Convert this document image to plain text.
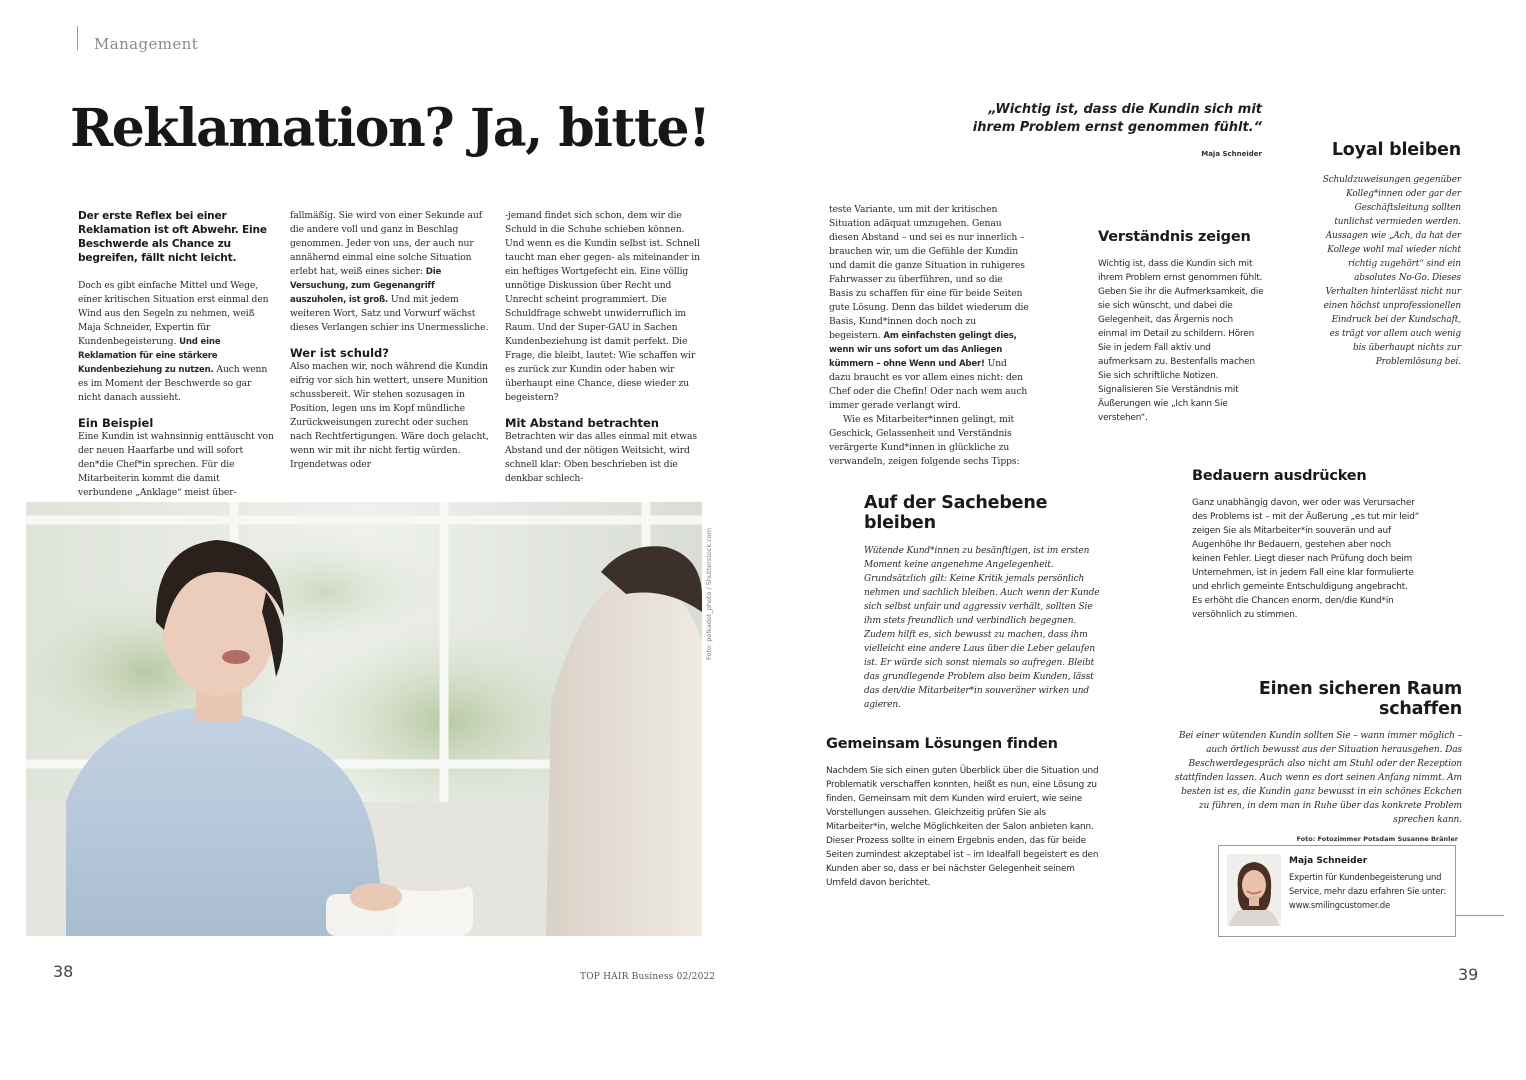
Management
Reklamation? Ja, bitte!

Der erste Reflex bei einer Reklamation ist oft Abwehr. Eine Beschwerde als Chance zu begreifen, fällt nicht leicht.

Doch es gibt einfache Mittel und Wege, einer kritischen Situation erst einmal den Wind aus den Segeln zu nehmen, weiß Maja Schneider, Expertin für Kundenbegeisterung. Und eine Reklamation für eine stärkere Kundenbeziehung zu nutzen. Auch wenn es im Moment der Beschwerde so gar nicht danach aussieht.

Ein Beispiel

Eine Kundin ist wahnsinnig enttäuscht von der neuen Haarfarbe und will sofort den*die Chef*in sprechen. Für die Mitarbeiterin kommt die damit verbundene „Anklage“ meist über-

fallmäßig. Sie wird von einer Sekunde auf die andere voll und ganz in Beschlag genommen. Jeder von uns, der auch nur annähernd einmal eine solche Situation erlebt hat, weiß eines sicher: Die Versuchung, zum Gegenangriff auszuholen, ist groß. Und mit jedem weiteren Wort, Satz und Vorwurf wächst dieses Verlangen schier ins Unermessliche.

Wer ist schuld?

Also machen wir, noch während die Kundin eifrig vor sich hin wettert, unsere Munition schussbereit. Wir stehen sozusagen in Position, legen uns im Kopf mündliche Zurückweisungen zurecht oder suchen nach Rechtfertigungen. Wäre doch gelacht, wenn wir mit ihr nicht fertig würden. Irgendetwas oder

-jemand findet sich schon, dem wir die Schuld in die Schuhe schieben können. Und wenn es die Kundin selbst ist. Schnell taucht man eher gegen- als miteinander in ein heftiges Wortgefecht ein. Eine völlig unnötige Diskussion über Recht und Unrecht scheint programmiert. Die Schuldfrage schwebt unwiderruflich im Raum. Und der Super-GAU in Sachen Kundenbeziehung ist damit perfekt. Die Frage, die bleibt, lautet: Wie schaffen wir es zurück zur Kundin oder haben wir überhaupt eine Chance, diese wieder zu begeistern?

Mit Abstand betrachten

Betrachten wir das alles einmal mit etwas Abstand und der nötigen Weitsicht, wird schnell klar: Oben beschrieben ist die denkbar schlech-

Foto: polkadot_photo / Shutterstock.com

teste Variante, um mit der kritischen Situation adäquat umzugehen. Genau diesen Abstand – und sei es nur innerlich – brauchen wir, um die Gefühle der Kundin und damit die ganze Situation in ruhigeres Fahrwasser zu überführen, und so die Basis zu schaffen für eine für beide Seiten gute Lösung. Denn das bildet wiederum die Basis, Kund*innen doch noch zu begeistern. Am einfachsten gelingt dies, wenn wir uns sofort um das Anliegen kümmern – ohne Wenn und Aber! Und dazu braucht es vor allem eines nicht: den Chef oder die Chefin! Oder nach wem auch immer gerade verlangt wird.

Wie es Mitarbeiter*innen gelingt, mit Geschick, Gelassenheit und Verständnis verärgerte Kund*innen in glückliche zu verwandeln, zeigen folgende sechs Tipps:

„Wichtig ist, dass die Kundin sich mit ihrem Problem ernst genommen fühlt.“
Maja Schneider
Verständnis zeigen

Wichtig ist, dass die Kundin sich mit ihrem Problem ernst genommen fühlt. Geben Sie ihr die Aufmerksamkeit, die sie sich wünscht, und dabei die Gelegenheit, das Ärgernis noch einmal im Detail zu schildern. Hören Sie in jedem Fall aktiv und aufmerksam zu. Bestenfalls machen Sie sich schriftliche Notizen. Signalisieren Sie Verständnis mit Äußerungen wie „Ich kann Sie verstehen“.

Loyal bleiben

Schuldzuweisungen gegenüber Kolleg*innen oder gar der Geschäftsleitung sollten tunlichst vermieden werden. Aussagen wie „Ach, da hat der Kollege wohl mal wieder nicht richtig zugehört“ sind ein absolutes No-Go. Dieses Verhalten hinterlässt nicht nur einen höchst unprofessionellen Eindruck bei der Kundschaft, es trägt vor allem auch wenig bis überhaupt nichts zur Problemlösung bei.

Auf der Sachebene bleiben

Wütende Kund*innen zu besänftigen, ist im ersten Moment keine angenehme Angelegenheit. Grundsätzlich gilt: Keine Kritik jemals persönlich nehmen und sachlich bleiben. Auch wenn der Kunde sich selbst unfair und aggressiv verhält, sollten Sie ihm stets freundlich und verbindlich begegnen. Zudem hilft es, sich bewusst zu machen, dass ihm vielleicht eine andere Laus über die Leber gelaufen ist. Er würde sich sonst niemals so aufregen. Bleibt das grundlegende Problem also beim Kunden, lässt das den/die Mitarbeiter*in souveräner wirken und agieren.

Bedauern ausdrücken

Ganz unabhängig davon, wer oder was Verursacher des Problems ist – mit der Äußerung „es tut mir leid“ zeigen Sie als Mitarbeiter*in souverän und auf Augenhöhe Ihr Bedauern, gestehen aber noch keinen Fehler. Liegt dieser nach Prüfung doch beim Unternehmen, ist in jedem Fall eine klar formulierte und ehrlich gemeinte Entschuldigung angebracht. Es erhöht die Chancen enorm, den/die Kund*in versöhnlich zu stimmen.

Einen sicheren Raum schaffen

Bei einer wütenden Kundin sollten Sie – wann immer möglich – auch örtlich bewusst aus der Situation herausgehen. Das Beschwerdegespräch also nicht am Stuhl oder der Rezeption stattfinden lassen. Auch wenn es dort seinen Anfang nimmt. Am besten ist es, die Kundin ganz bewusst in ein schönes Eckchen zu führen, in dem man in Ruhe über das konkrete Problem sprechen kann.

Gemeinsam Lösungen finden

Nachdem Sie sich einen guten Überblick über die Situation und Problematik verschaffen konnten, heißt es nun, eine Lösung zu finden. Gemeinsam mit dem Kunden wird eruiert, wie seine Vorstellungen aussehen. Gleichzeitig prüfen Sie als Mitarbeiter*in, welche Möglichkeiten der Salon anbieten kann. Dieser Prozess sollte in einem Ergebnis enden, das für beide Seiten zumindest akzeptabel ist – im Idealfall begeistert es den Kunden aber so, dass er bei nächster Gelegenheit seinem Umfeld davon berichtet.

Foto: Fotozimmer Potsdam Susanne Bränler
Maja Schneider
Expertin für Kundenbegeisterung und Service, mehr dazu erfahren Sie unter: www.smilingcustomer.de
38	TOP HAIR Business 02/2022	39
